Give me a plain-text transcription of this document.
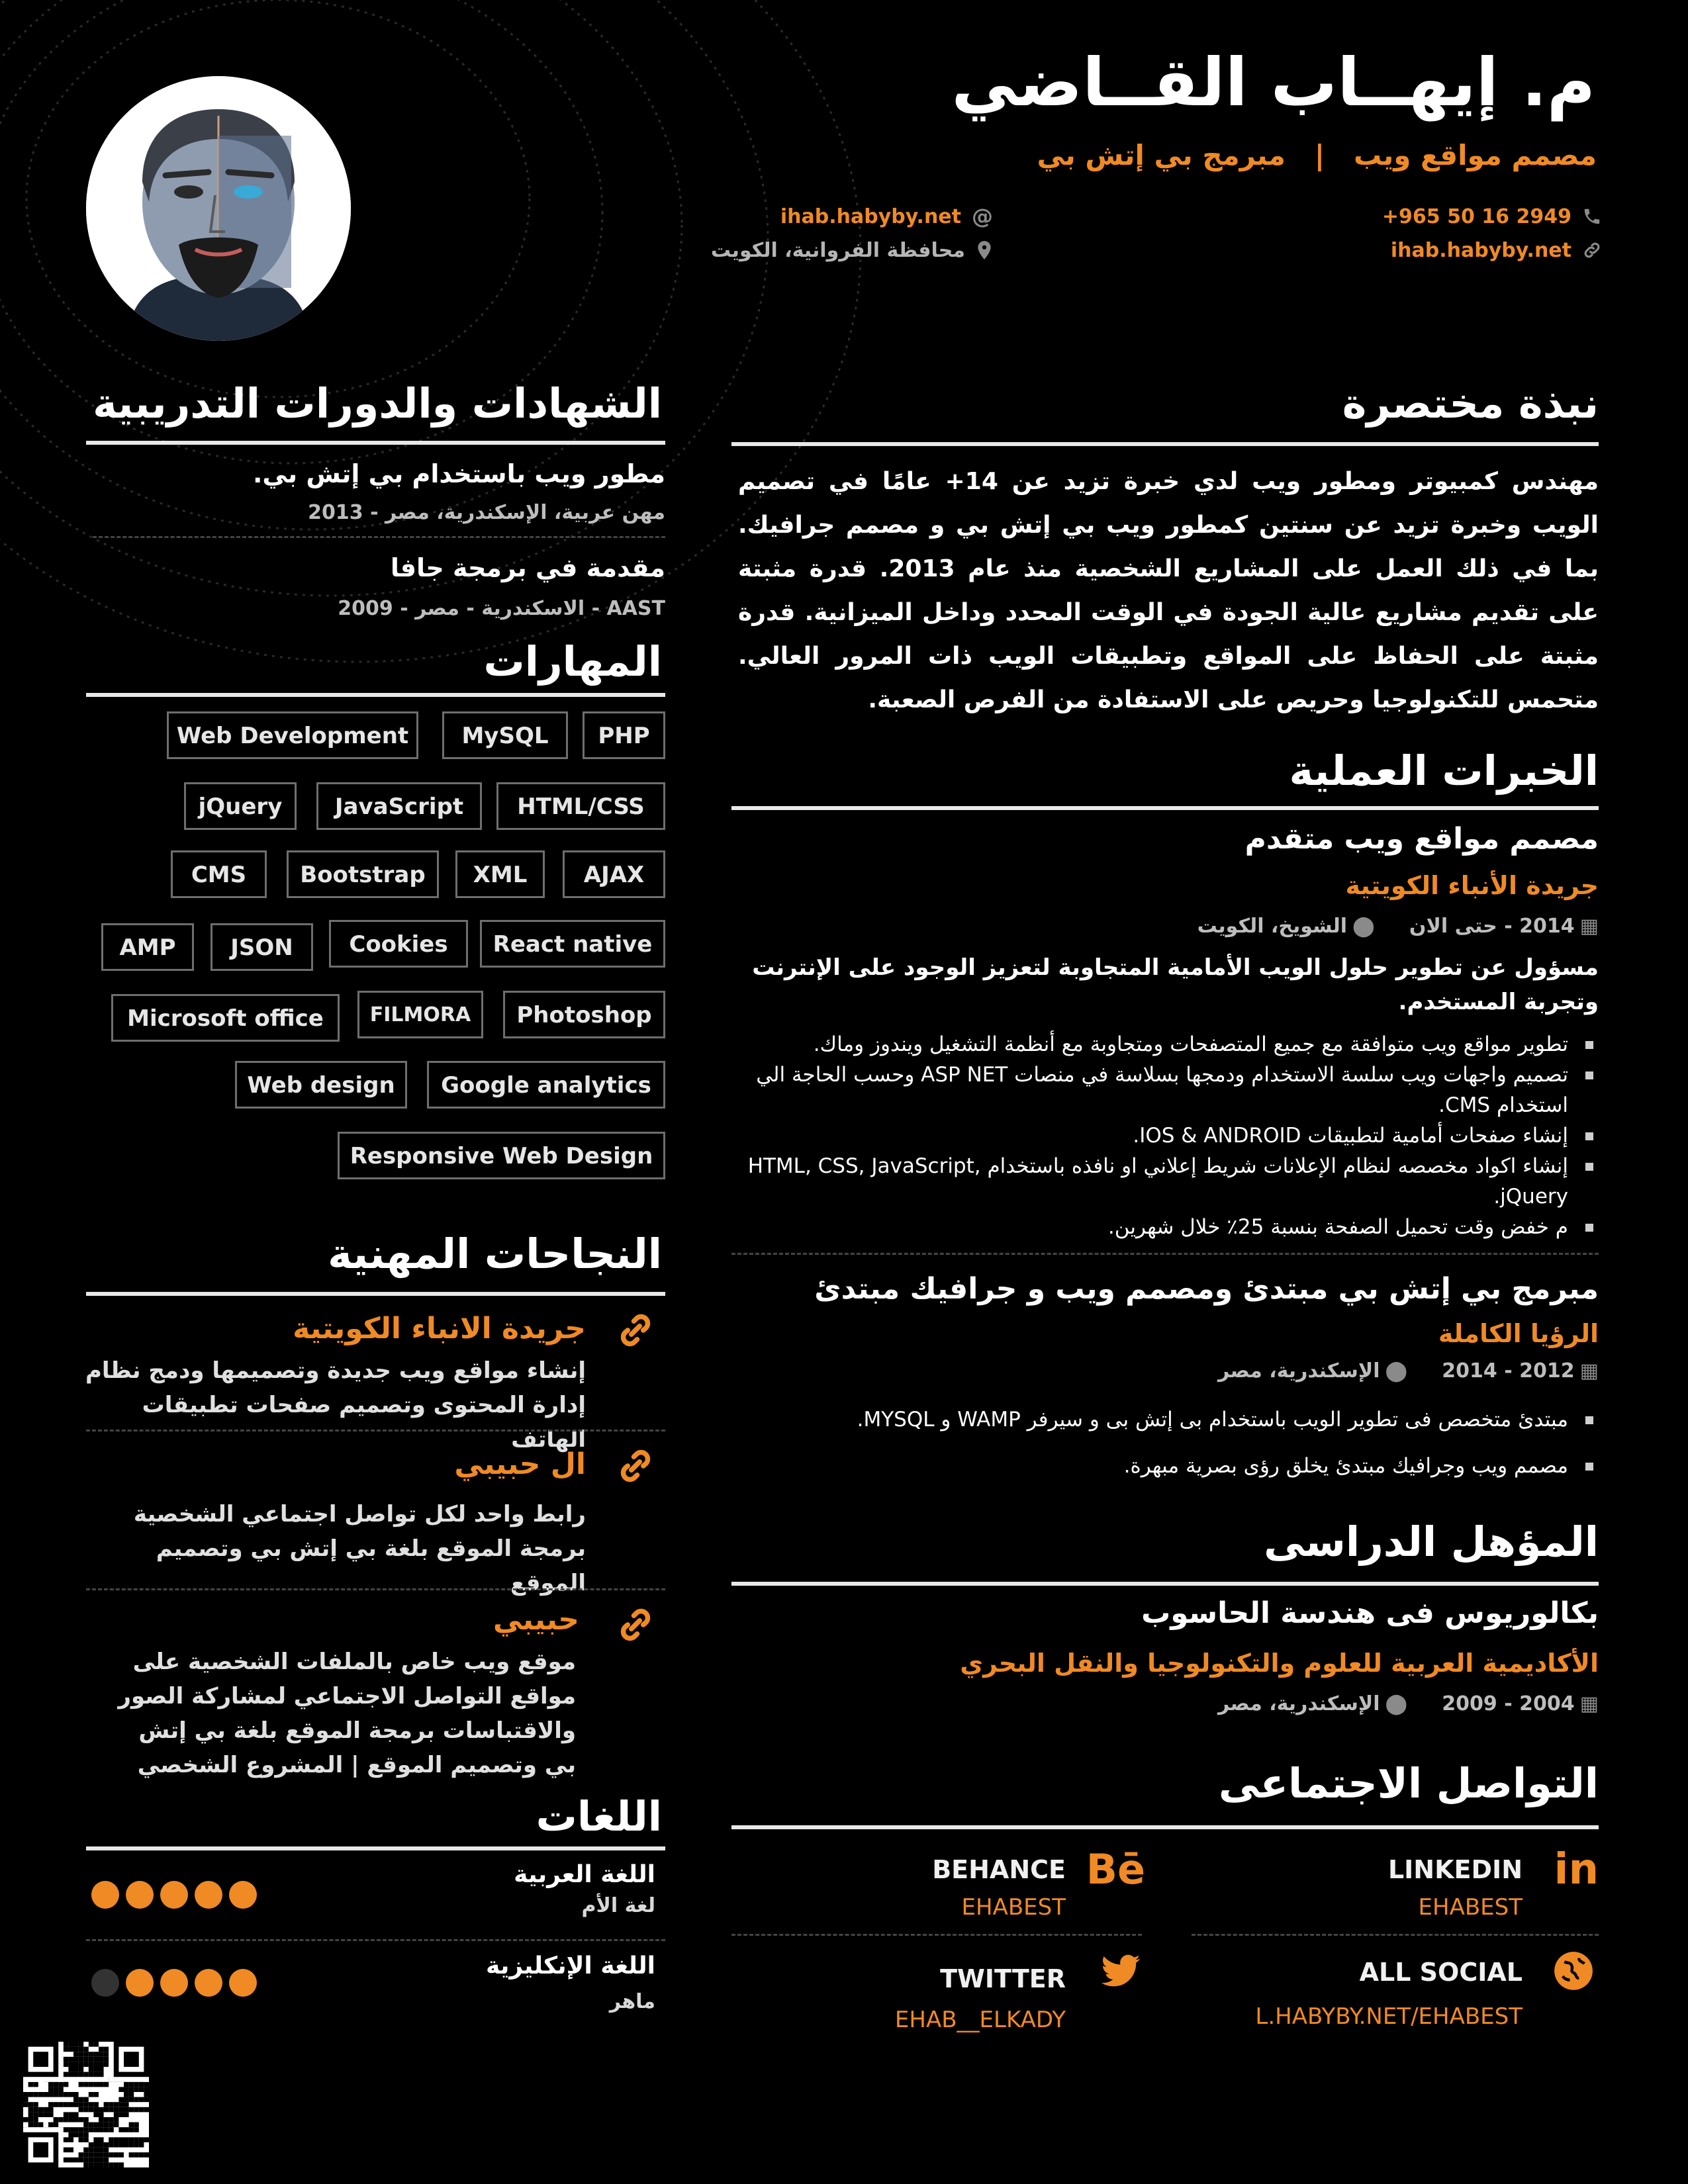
م. إيهــاب القــاضي
مصمم مواقع ويب   |   مبرمج بي إتش بي
+965 50 16 2949
ihab.habyby.net
ihab.habyby.net @
محافظة الفروانية، الكويت
نبذة مختصرة
مهندس كمبيوتر ومطور ويب لدي خبرة تزيد عن 14+ عامًا في تصميم الويب وخبرة تزيد عن سنتين كمطور ويب بي إتش بي و مصمم جرافيك. بما في ذلك العمل على المشاريع الشخصية منذ عام 2013. قدرة مثبتة على تقديم مشاريع عالية الجودة في الوقت المحدد وداخل الميزانية. قدرة مثبتة على الحفاظ على المواقع وتطبيقات الويب ذات المرور العالي. متحمس للتكنولوجيا وحريص على الاستفادة من الفرص الصعبة.
الخبرات العملية
مصمم مواقع ويب متقدم
جريدة الأنباء الكويتية
▦2014 - حتى الان     ⬤الشويخ، الكويت
مسؤول عن تطوير حلول الويب الأمامية المتجاوبة لتعزيز الوجود على الإنترنت وتجربة المستخدم.
تطوير مواقع ويب متوافقة مع جميع المتصفحات ومتجاوبة مع أنظمة التشغيل ويندوز وماك.
تصميم واجهات ويب سلسة الاستخدام ودمجها بسلاسة في منصات ASP NET وحسب الحاجة الي استخدام CMS.
إنشاء صفحات أمامية لتطبيقات IOS & ANDROID.
إنشاء اكواد مخصصه لنظام الإعلانات شريط إعلاني او نافذه باستخدام HTML, CSS, JavaScript, jQuery.
م خفض وقت تحميل الصفحة بنسبة 25٪ خلال شهرين.
مبرمج بي إتش بي مبتدئ ومصمم ويب و جرافيك مبتدئ
الرؤيا الكاملة
▦2012 - 2014     ⬤الإسكندرية، مصر
مبتدئ متخصص فى تطوير الويب باستخدام بى إتش بى و سيرفر WAMP و MYSQL.
مصمم ويب وجرافيك مبتدئ يخلق رؤى بصرية مبهرة.
المؤهل الدراسى
بكالوريوس فى هندسة الحاسوب
الأكاديمية العربية للعلوم والتكنولوجيا والنقل البحري
▦2004 - 2009     ⬤الإسكندرية، مصر
التواصل الاجتماعى
LINKEDIN
EHABEST
in
BEHANCE
EHABEST
Bē
ALL SOCIAL
L.HABYBY.NET/EHABEST
TWITTER
EHAB__ELKADY
الشهادات والدورات التدريبية
مطور ويب باستخدام بي إتش بي.
مهن عربية، الإسكندرية، مصر - 2013
مقدمة في برمجة جافا
AAST - الاسكندرية - مصر - 2009
المهارات
Web Development	MySQL	PHP
jQuery	JavaScript	HTML/CSS
CMS	Bootstrap	XML	AJAX
AMP	JSON	Cookies	React native
Microsoft office	FILMORA	Photoshop
Web design	Google analytics
Responsive Web Design
النجاحات المهنية
جريدة الانباء الكويتية
إنشاء مواقع ويب جديدة وتصميمها ودمج نظام إدارة المحتوى وتصميم صفحات تطبيقات الهاتف
ال حبيبي
رابط واحد لكل تواصل اجتماعي الشخصية برمجة الموقع بلغة بي إتش بي وتصميم الموقع
حبيبي
موقع ويب خاص بالملفات الشخصية على مواقع التواصل الاجتماعي لمشاركة الصور والاقتباسات برمجة الموقع بلغة بي إتش بي وتصميم الموقع | المشروع الشخصي
اللغات
اللغة العربية
لغة الأم
اللغة الإنكليزية
ماهر
